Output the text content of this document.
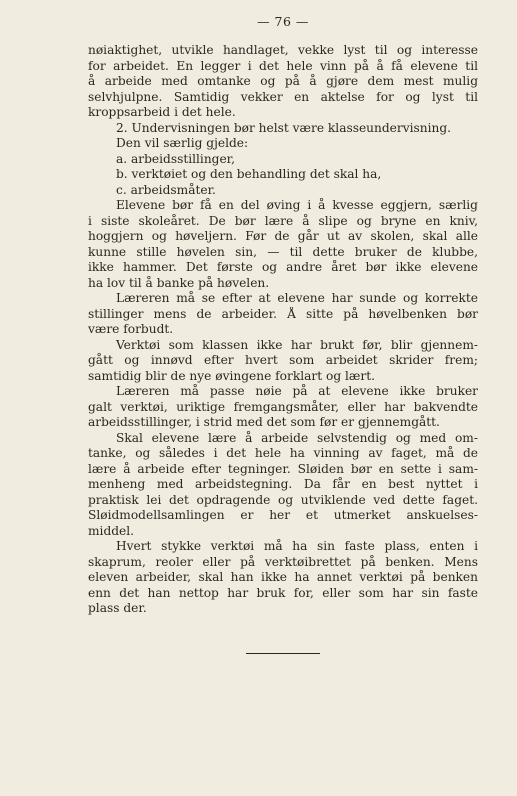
— 76 —
nøiaktighet, utvikle handlaget, vekke lyst til og interesse
for arbeidet. En legger i det hele vinn på å få elevene til
å arbeide med omtanke og på å gjøre dem mest mulig
selvhjulpne. Samtidig vekker en aktelse for og lyst til
kroppsarbeid i det hele.
2. Undervisningen bør helst være klasseundervisning.
Den vil særlig gjelde:
a. arbeidsstillinger,
b. verktøiet og den behandling det skal ha,
c. arbeidsmåter.
Elevene bør få en del øving i å kvesse eggjern, særlig
i siste skoleåret. De bør lære å slipe og bryne en kniv,
hoggjern og høveljern. Før de går ut av skolen, skal alle
kunne stille høvelen sin, — til dette bruker de klubbe,
ikke hammer. Det første og andre året bør ikke elevene
ha lov til å banke på høvelen.
Læreren må se efter at elevene har sunde og korrekte
stillinger mens de arbeider. Å sitte på høvelbenken bør
være forbudt.
Verktøi som klassen ikke har brukt før, blir gjennem-
gått og innøvd efter hvert som arbeidet skrider frem;
samtidig blir de nye øvingene forklart og lært.
Læreren må passe nøie på at elevene ikke bruker
galt verktøi, uriktige fremgangsmåter, eller har bakvendte
arbeidsstillinger, i strid med det som før er gjennemgått.
Skal elevene lære å arbeide selvstendig og med om-
tanke, og således i det hele ha vinning av faget, må de
lære å arbeide efter tegninger. Sløiden bør en sette i sam-
menheng med arbeidstegning. Da får en best nyttet i
praktisk lei det opdragende og utviklende ved dette faget.
Sløidmodellsamlingen er her et utmerket anskuelses-
middel.
Hvert stykke verktøi må ha sin faste plass, enten i
skaprum, reoler eller på verktøibrettet på benken. Mens
eleven arbeider, skal han ikke ha annet verktøi på benken
enn det han nettop har bruk for, eller som har sin faste
plass der.
